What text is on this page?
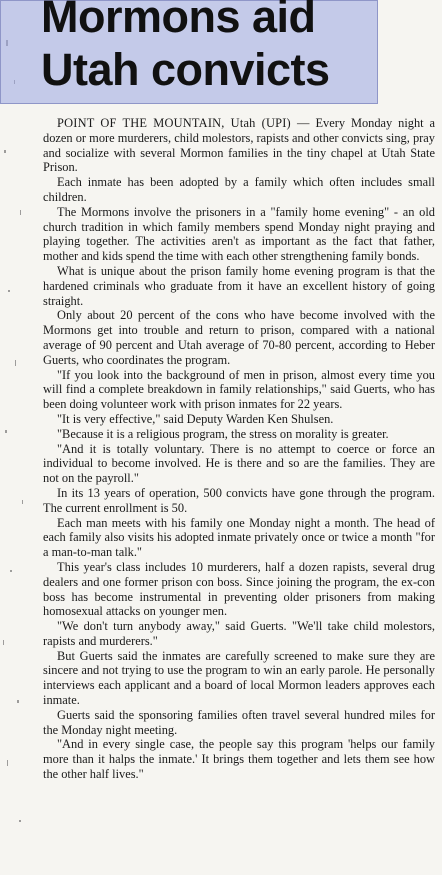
Mormons aid
Utah convicts

POINT OF THE MOUNTAIN, Utah (UPI) — Every Monday night a dozen or more murderers, child molestors, rapists and other convicts sing, pray and socialize with several Mormon families in the tiny chapel at Utah State Prison.

Each inmate has been adopted by a family which often includes small children.

The Mormons involve the prisoners in a "family home evening" - an old church tradition in which family members spend Monday night praying and playing together. The activities aren't as important as the fact that father, mother and kids spend the time with each other strengthening family bonds.

What is unique about the prison family home evening program is that the hardened criminals who graduate from it have an excellent history of going straight.

Only about 20 percent of the cons who have become involved with the Mormons get into trouble and return to prison, compared with a national average of 90 percent and Utah average of 70-80 percent, according to Heber Guerts, who coordinates the program.

"If you look into the background of men in prison, almost every time you will find a complete breakdown in family relationships," said Guerts, who has been doing volunteer work with prison inmates for 22 years.

"It is very effective," said Deputy Warden Ken Shulsen.

"Because it is a religious program, the stress on morality is greater.

"And it is totally voluntary. There is no attempt to coerce or force an individual to become involved. He is there and so are the families. They are not on the payroll."

In its 13 years of operation, 500 convicts have gone through the program. The current enrollment is 50.

Each man meets with his family one Monday night a month. The head of each family also visits his adopted inmate privately once or twice a month "for a man-to-man talk."

This year's class includes 10 murderers, half a dozen rapists, several drug dealers and one former prison con boss. Since joining the program, the ex-con boss has become instrumental in preventing older prisoners from making homosexual attacks on younger men.

"We don't turn anybody away," said Guerts. "We'll take child molestors, rapists and murderers."

But Guerts said the inmates are carefully screened to make sure they are sincere and not trying to use the program to win an early parole. He personally interviews each applicant and a board of local Mormon leaders approves each inmate.

Guerts said the sponsoring families often travel several hundred miles for the Monday night meeting.

"And in every single case, the people say this program 'helps our family more than it halps the inmate.' It brings them together and lets them see how the other half lives."
